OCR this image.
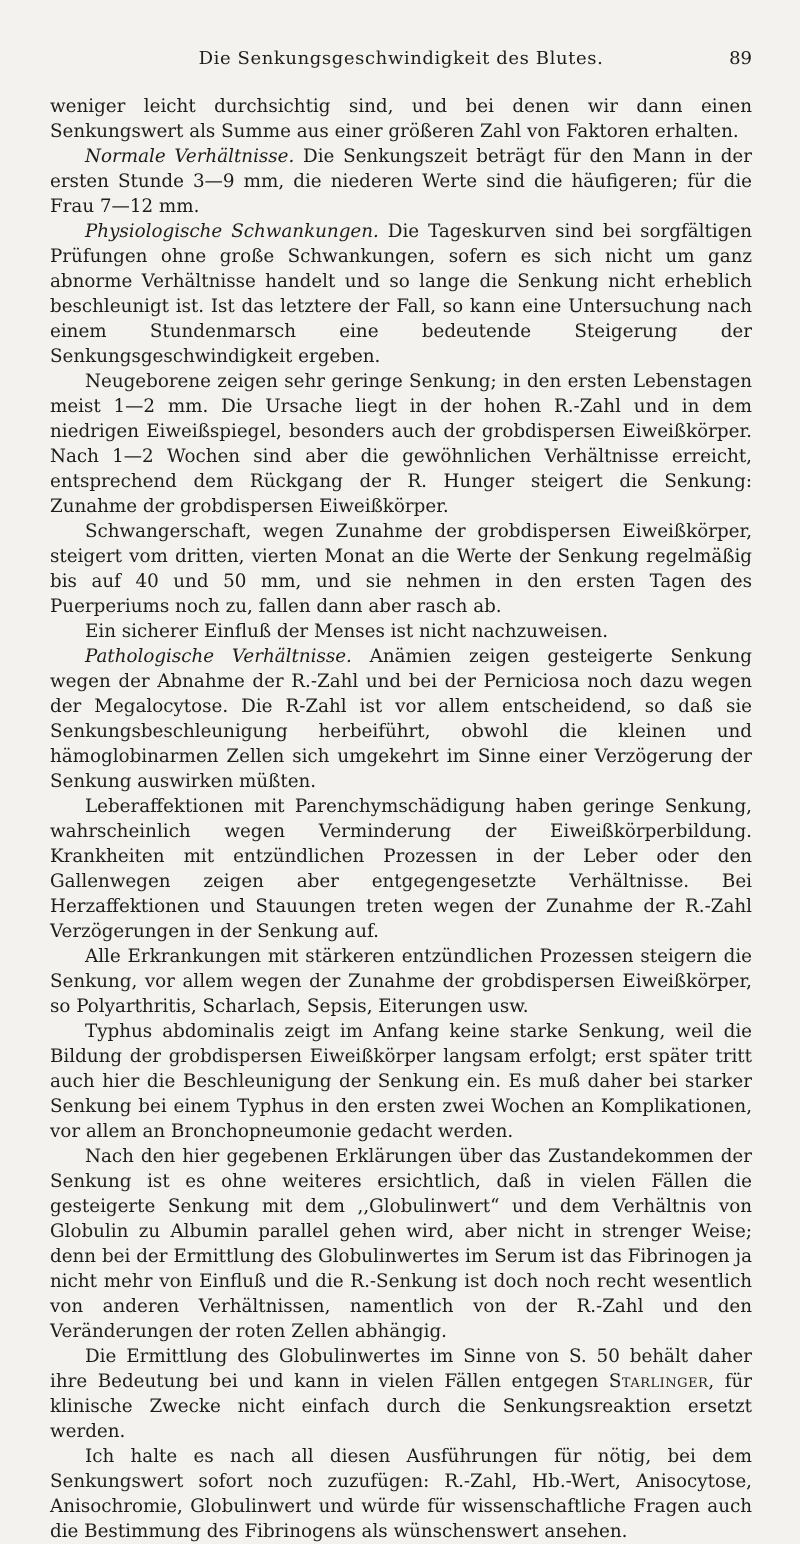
Die Senkungsgeschwindigkeit des Blutes.	89

weniger leicht durchsichtig sind, und bei denen wir dann einen Senkungswert als Summe aus einer größeren Zahl von Faktoren erhalten.

Normale Verhältnisse. Die Senkungszeit beträgt für den Mann in der ersten Stunde 3—9 mm, die niederen Werte sind die häufigeren; für die Frau 7—12 mm.

Physiologische Schwankungen. Die Tageskurven sind bei sorgfältigen Prüfungen ohne große Schwankungen, sofern es sich nicht um ganz abnorme Verhältnisse handelt und so lange die Senkung nicht erheblich beschleunigt ist. Ist das letztere der Fall, so kann eine Untersuchung nach einem Stundenmarsch eine bedeutende Steigerung der Senkungsgeschwindigkeit ergeben.

Neugeborene zeigen sehr geringe Senkung; in den ersten Lebenstagen meist 1—2 mm. Die Ursache liegt in der hohen R.-Zahl und in dem niedrigen Eiweißspiegel, besonders auch der grobdispersen Eiweißkörper. Nach 1—2 Wochen sind aber die gewöhnlichen Verhältnisse erreicht, entsprechend dem Rückgang der R. Hunger steigert die Senkung: Zunahme der grobdispersen Eiweißkörper.

Schwangerschaft, wegen Zunahme der grobdispersen Eiweißkörper, steigert vom dritten, vierten Monat an die Werte der Senkung regelmäßig bis auf 40 und 50 mm, und sie nehmen in den ersten Tagen des Puerperiums noch zu, fallen dann aber rasch ab.

Ein sicherer Einfluß der Menses ist nicht nachzuweisen.

Pathologische Verhältnisse. Anämien zeigen gesteigerte Senkung wegen der Abnahme der R.-Zahl und bei der Perniciosa noch dazu wegen der Megalocytose. Die R-Zahl ist vor allem entscheidend, so daß sie Senkungsbeschleunigung herbeiführt, obwohl die kleinen und hämoglobinarmen Zellen sich umgekehrt im Sinne einer Verzögerung der Senkung auswirken müßten.

Leberaffektionen mit Parenchymschädigung haben geringe Senkung, wahrscheinlich wegen Verminderung der Eiweißkörperbildung. Krankheiten mit entzündlichen Prozessen in der Leber oder den Gallenwegen zeigen aber entgegengesetzte Verhältnisse. Bei Herzaffektionen und Stauungen treten wegen der Zunahme der R.-Zahl Verzögerungen in der Senkung auf.

Alle Erkrankungen mit stärkeren entzündlichen Prozessen steigern die Senkung, vor allem wegen der Zunahme der grobdispersen Eiweißkörper, so Polyarthritis, Scharlach, Sepsis, Eiterungen usw.

Typhus abdominalis zeigt im Anfang keine starke Senkung, weil die Bildung der grobdispersen Eiweißkörper langsam erfolgt; erst später tritt auch hier die Beschleunigung der Senkung ein. Es muß daher bei starker Senkung bei einem Typhus in den ersten zwei Wochen an Komplikationen, vor allem an Bronchopneumonie gedacht werden.

Nach den hier gegebenen Erklärungen über das Zustandekommen der Senkung ist es ohne weiteres ersichtlich, daß in vielen Fällen die gesteigerte Senkung mit dem ,,Globulinwert“ und dem Verhältnis von Globulin zu Albumin parallel gehen wird, aber nicht in strenger Weise; denn bei der Ermittlung des Globulinwertes im Serum ist das Fibrinogen ja nicht mehr von Einfluß und die R.-Senkung ist doch noch recht wesentlich von anderen Verhältnissen, namentlich von der R.-Zahl und den Veränderungen der roten Zellen abhängig.

Die Ermittlung des Globulinwertes im Sinne von S. 50 behält daher ihre Bedeutung bei und kann in vielen Fällen entgegen Starlinger, für klinische Zwecke nicht einfach durch die Senkungsreaktion ersetzt werden.

Ich halte es nach all diesen Ausführungen für nötig, bei dem Senkungswert sofort noch zuzufügen: R.-Zahl, Hb.-Wert, Anisocytose, Anisochromie, Globulinwert und würde für wissenschaftliche Fragen auch die Bestimmung des Fibrinogens als wünschenswert ansehen.
